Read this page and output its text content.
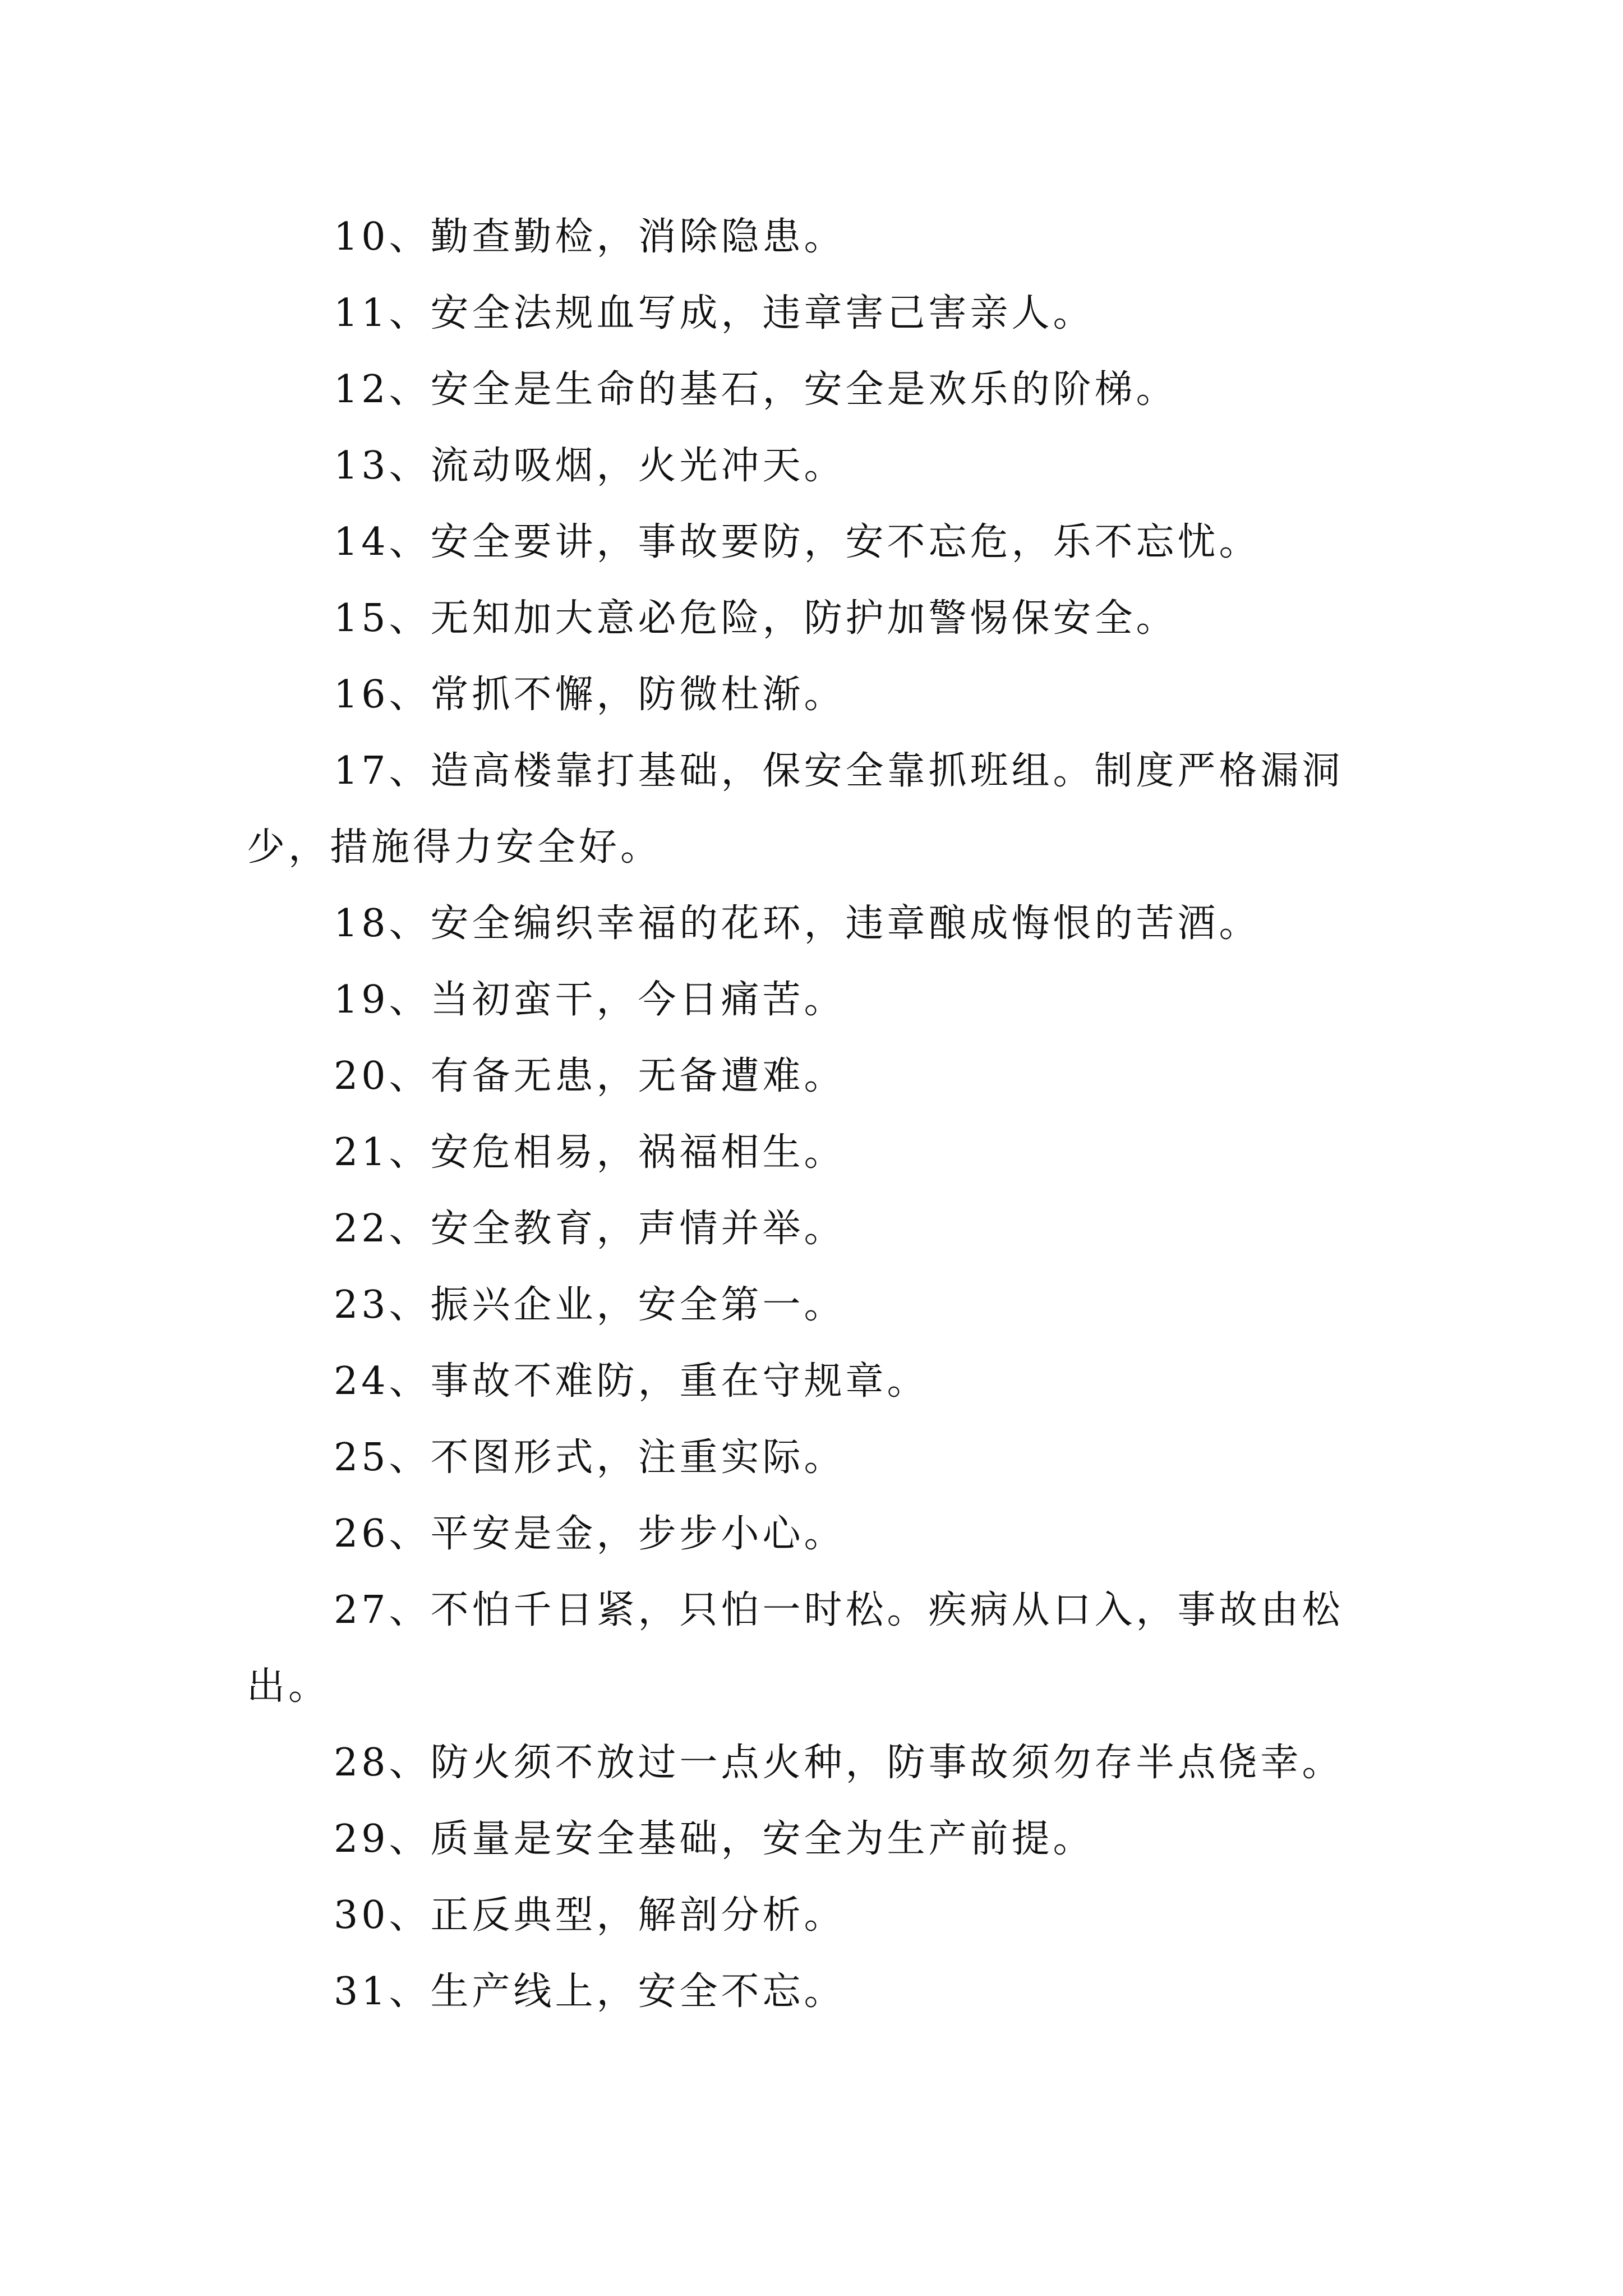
10、勤查勤检，消除隐患。

11、安全法规血写成，违章害己害亲人。

12、安全是生命的基石，安全是欢乐的阶梯。

13、流动吸烟，火光冲天。

14、安全要讲，事故要防，安不忘危，乐不忘忧。

15、无知加大意必危险，防护加警惕保安全。

16、常抓不懈，防微杜渐。

17、造高楼靠打基础，保安全靠抓班组。制度严格漏洞少，措施得力安全好。

18、安全编织幸福的花环，违章酿成悔恨的苦酒。

19、当初蛮干，今日痛苦。

20、有备无患，无备遭难。

21、安危相易，祸福相生。

22、安全教育，声情并举。

23、振兴企业，安全第一。

24、事故不难防，重在守规章。

25、不图形式，注重实际。

26、平安是金，步步小心。

27、不怕千日紧，只怕一时松。疾病从口入，事故由松出。

28、防火须不放过一点火种，防事故须勿存半点侥幸。

29、质量是安全基础，安全为生产前提。

30、正反典型，解剖分析。

31、生产线上，安全不忘。
